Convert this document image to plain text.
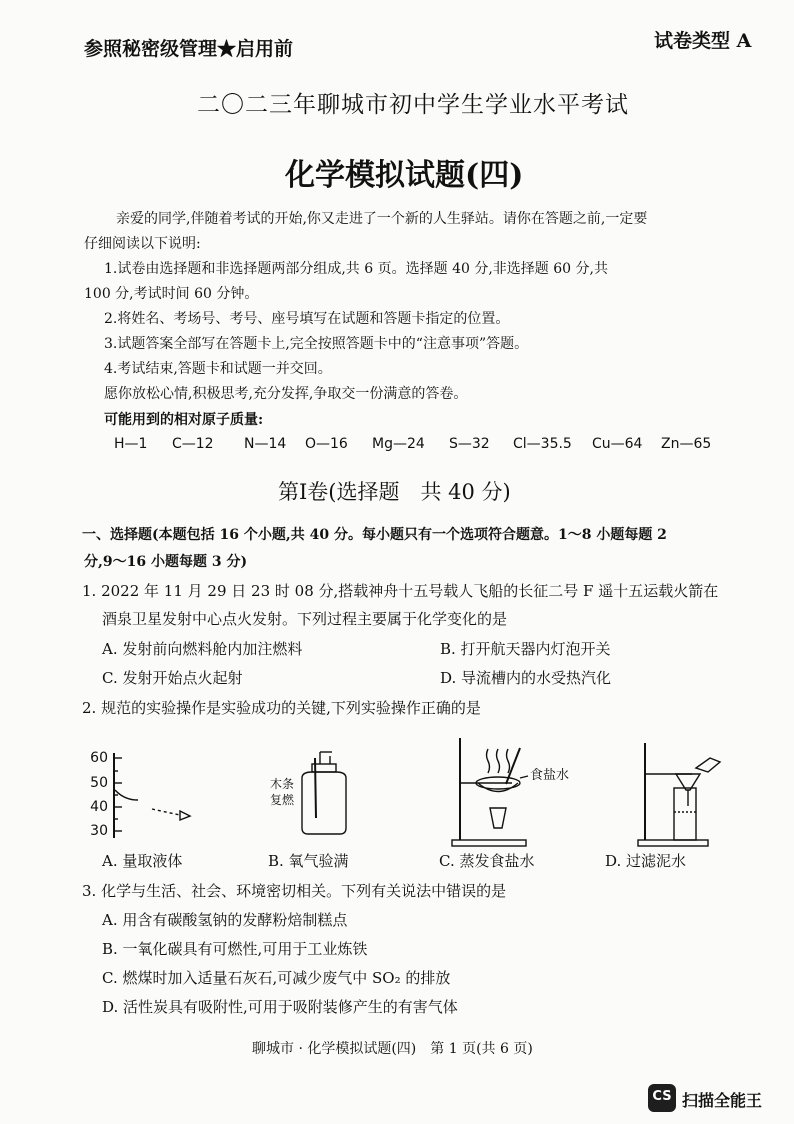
参照秘密级管理★启用前	试卷类型 A
二〇二三年聊城市初中学生学业水平考试
化学模拟试题(四)
亲爱的同学,伴随着考试的开始,你又走进了一个新的人生驿站。请你在答题之前,一定要
仔细阅读以下说明:
1.试卷由选择题和非选择题两部分组成,共 6 页。选择题 40 分,非选择题 60 分,共
100 分,考试时间 60 分钟。
2.将姓名、考场号、考号、座号填写在试题和答题卡指定的位置。
3.试题答案全部写在答题卡上,完全按照答题卡中的“注意事项”答题。
4.考试结束,答题卡和试题一并交回。
愿你放松心情,积极思考,充分发挥,争取交一份满意的答卷。
可能用到的相对原子质量:
H—1 C—12 N—14 O—16 Mg—24 S—32 Cl—35.5 Cu—64 Zn—65
第Ⅰ卷(选择题　共 40 分)
一、选择题(本题包括 16 个小题,共 40 分。每小题只有一个选项符合题意。1～8 小题每题 2
分,9～16 小题每题 3 分)
1. 2022 年 11 月 29 日 23 时 08 分,搭载神舟十五号载人飞船的长征二号 F 遥十五运载火箭在
酒泉卫星发射中心点火发射。下列过程主要属于化学变化的是
A. 发射前向燃料舱内加注燃料	B. 打开航天器内灯泡开关
C. 发射开始点火起射	D. 导流槽内的水受热汽化
2. 规范的实验操作是实验成功的关键,下列实验操作正确的是
60
50
40
30
木条
复燃
食盐水
A. 量取液体	B. 氧气验满	C. 蒸发食盐水	D. 过滤泥水
3. 化学与生活、社会、环境密切相关。下列有关说法中错误的是
A. 用含有碳酸氢钠的发酵粉焙制糕点
B. 一氧化碳具有可燃性,可用于工业炼铁
C. 燃煤时加入适量石灰石,可减少废气中 SO₂ 的排放
D. 活性炭具有吸附性,可用于吸附装修产生的有害气体
聊城市 · 化学模拟试题(四)　第 1 页(共 6 页)
CS 扫描全能王
